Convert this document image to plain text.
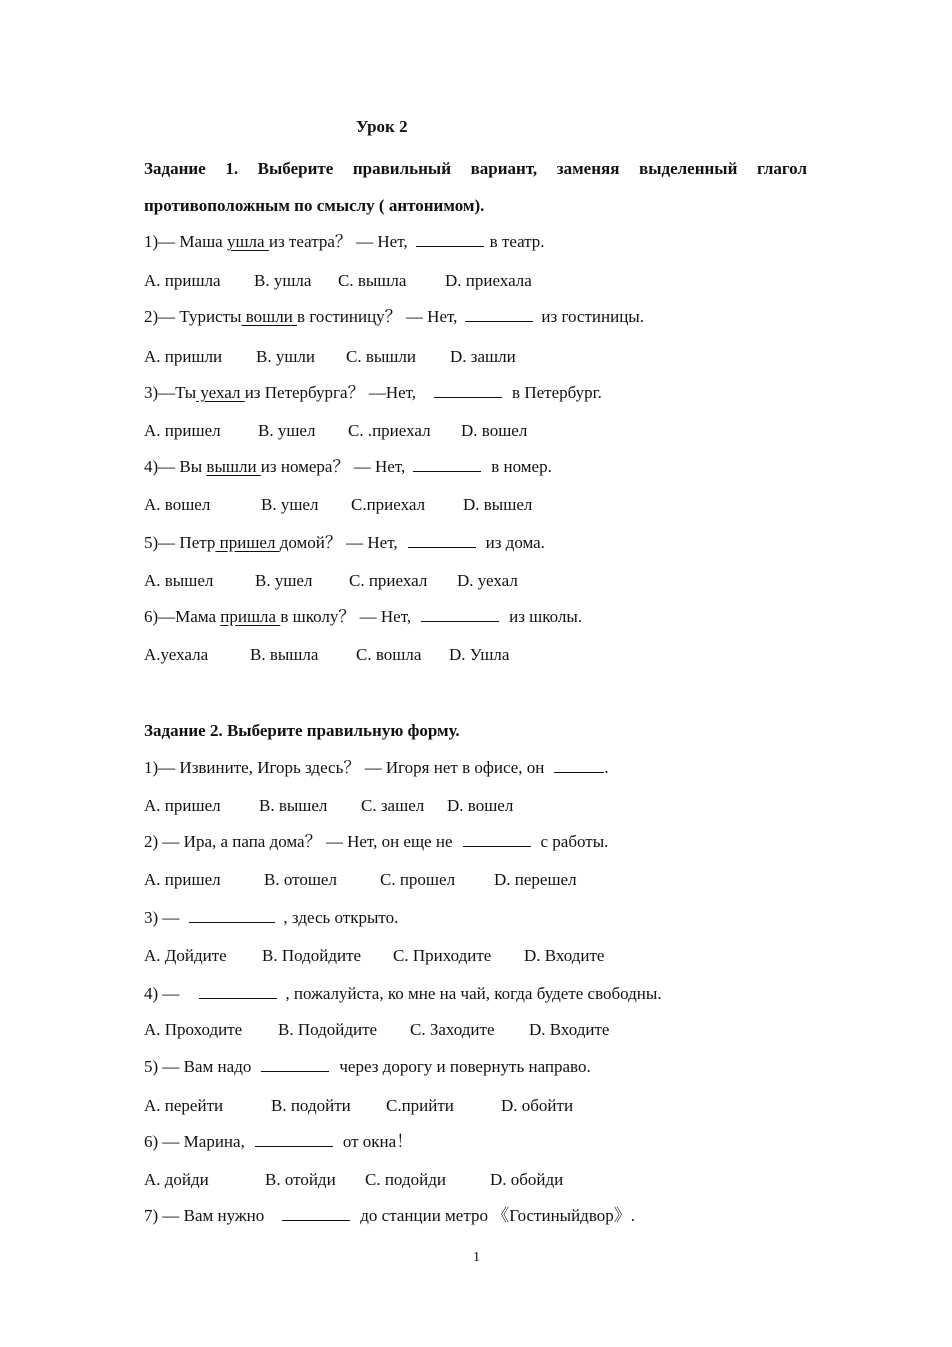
Урок 2
Задание 1. Выберите правильный вариант, заменяя выделенный глагол
противоположным по смыслу ( антонимом).
1)— Маша ушла из театра？ — Нет,	в театр.
A. пришла B. ушла C. вышла D. приехала
2)— Туристы вошли в гостиницу？ — Нет,	из гостиницы.
A. пришли B. ушли C. вышли D. зашли
3)—Ты уехал из Петербурга？ —Нет,	в Петербург.
A. пришел B. ушел C. .приехал D. вошел
4)— Вы вышли из номера？ — Нет,	в номер.
A. вошел	B. ушел C.приехал D. вышел
5)— Петр пришел домой？ — Нет,	из дома.
A. вышел B. ушел C. приехал D. уехал
6)—Мама пришла в школу？ — Нет,	из школы.
A.уехала B. вышла C. вошла D. Ушла
Задание 2. Выберите правильную форму.
1)— Извините, Игорь здесь？ — Игоря нет в офисе, он	.
A. пришел B. вышел C. зашел D. вошел
2) — Ира, а папа дома？ — Нет, он еще не	с работы.
A. пришел	B. отошел	C. прошел D. перешел
3) —	, здесь открыто.
A. Дойдите B. Подойдите C. Приходите D. Входите
4) —	, пожалуйста, ко мне на чай, когда будете свободны.
A. Проходите B. Подойдите C. Заходите D. Входите
5) — Вам надо	через дорогу и повернуть направо.
A. перейти	B. подойти C.прийти	D. обойти
6) — Марина,	от окна！
A. дойди	B. отойди C. подойди	D. обойди
7) — Вам нужно	до станции метро 《Гостиныйдвор》.
1
